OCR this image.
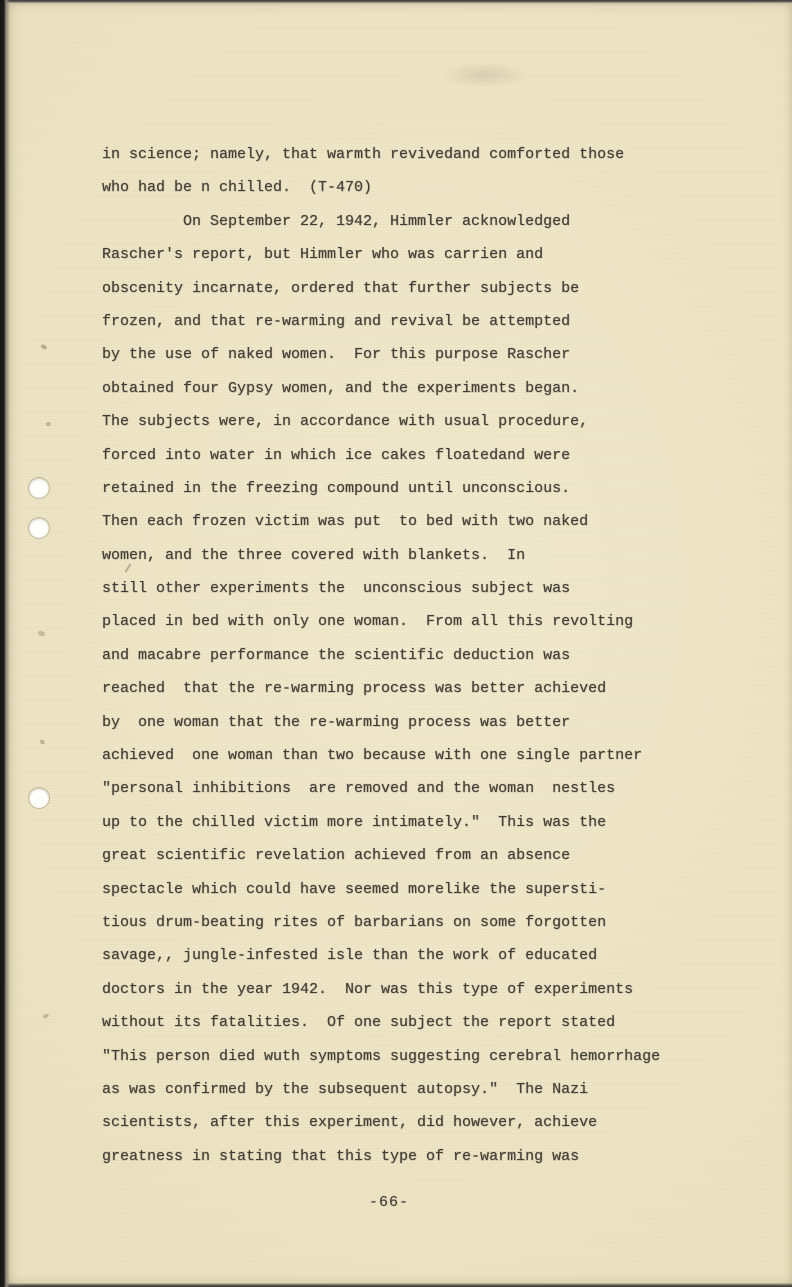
in science; namely, that warmth revivedand comforted those
who had be n chilled.  (T-470)
On September 22, 1942, Himmler acknowledged
Rascher's report, but Himmler who was carrien and
obscenity incarnate, ordered that further subjects be
frozen, and that re-warming and revival be attempted
by the use of naked women.  For this purpose Rascher
obtained four Gypsy women, and the experiments began.
The subjects were, in accordance with usual procedure,
forced into water in which ice cakes floatedand were
retained in the freezing compound until unconscious.
Then each frozen victim was put  to bed with two naked
women, and the three covered with blankets.  In
still other experiments the  unconscious subject was
placed in bed with only one woman.  From all this revolting
and macabre performance the scientific deduction was
reached  that the re-warming process was better achieved
by  one woman that the re-warming process was better
achieved  one woman than two because with one single partner
"personal inhibitions  are removed and the woman  nestles
up to the chilled victim more intimately."  This was the
great scientific revelation achieved from an absence
spectacle which could have seemed morelike the supersti-
tious drum-beating rites of barbarians on some forgotten
savage,, jungle-infested isle than the work of educated
doctors in the year 1942.  Nor was this type of experiments
without its fatalities.  Of one subject the report stated
"This person died wuth symptoms suggesting cerebral hemorrhage
as was confirmed by the subsequent autopsy."  The Nazi
scientists, after this experiment, did however, achieve
greatness in stating that this type of re-warming was
-66-
